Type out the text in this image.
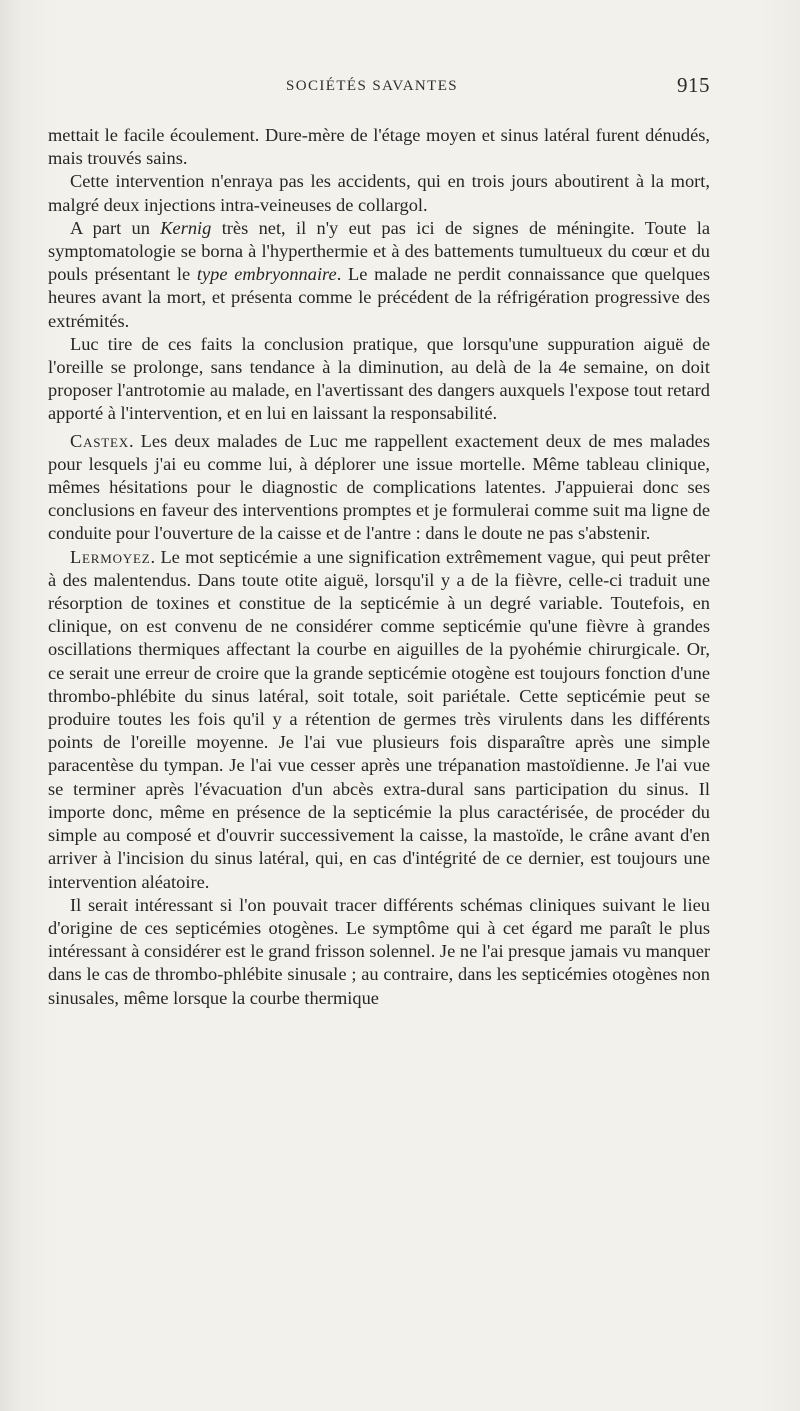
SOCIÉTÉS SAVANTES	915

mettait le facile écoulement. Dure-mère de l'étage moyen et sinus latéral furent dénudés, mais trouvés sains.

Cette intervention n'enraya pas les accidents, qui en trois jours aboutirent à la mort, malgré deux injections intra-veineuses de collargol.

A part un Kernig très net, il n'y eut pas ici de signes de méningite. Toute la symptomatologie se borna à l'hyperthermie et à des battements tumultueux du cœur et du pouls présentant le type embryonnaire. Le malade ne perdit connaissance que quelques heures avant la mort, et présenta comme le précédent de la réfrigération progressive des extrémités.

Luc tire de ces faits la conclusion pratique, que lorsqu'une suppuration aiguë de l'oreille se prolonge, sans tendance à la diminution, au delà de la 4e semaine, on doit proposer l'antrotomie au malade, en l'avertissant des dangers auxquels l'expose tout retard apporté à l'intervention, et en lui en laissant la responsabilité.

Castex. Les deux malades de Luc me rappellent exactement deux de mes malades pour lesquels j'ai eu comme lui, à déplorer une issue mortelle. Même tableau clinique, mêmes hésitations pour le diagnostic de complications latentes. J'appuierai donc ses conclusions en faveur des interventions promptes et je formulerai comme suit ma ligne de conduite pour l'ouverture de la caisse et de l'antre : dans le doute ne pas s'abstenir.

Lermoyez. Le mot septicémie a une signification extrêmement vague, qui peut prêter à des malentendus. Dans toute otite aiguë, lorsqu'il y a de la fièvre, celle-ci traduit une résorption de toxines et constitue de la septicémie à un degré variable. Toutefois, en clinique, on est convenu de ne considérer comme septicémie qu'une fièvre à grandes oscillations thermiques affectant la courbe en aiguilles de la pyohémie chirurgicale. Or, ce serait une erreur de croire que la grande septicémie otogène est toujours fonction d'une thrombo-phlébite du sinus latéral, soit totale, soit pariétale. Cette septicémie peut se produire toutes les fois qu'il y a rétention de germes très virulents dans les différents points de l'oreille moyenne. Je l'ai vue plusieurs fois disparaître après une simple paracentèse du tympan. Je l'ai vue cesser après une trépanation mastoïdienne. Je l'ai vue se terminer après l'évacuation d'un abcès extra-dural sans participation du sinus. Il importe donc, même en présence de la septicémie la plus caractérisée, de procéder du simple au composé et d'ouvrir successivement la caisse, la mastoïde, le crâne avant d'en arriver à l'incision du sinus latéral, qui, en cas d'intégrité de ce dernier, est toujours une intervention aléatoire.

Il serait intéressant si l'on pouvait tracer différents schémas cliniques suivant le lieu d'origine de ces septicémies otogènes. Le symptôme qui à cet égard me paraît le plus intéressant à considérer est le grand frisson solennel. Je ne l'ai presque jamais vu manquer dans le cas de thrombo-phlébite sinusale ; au contraire, dans les septicémies otogènes non sinusales, même lorsque la courbe thermique
